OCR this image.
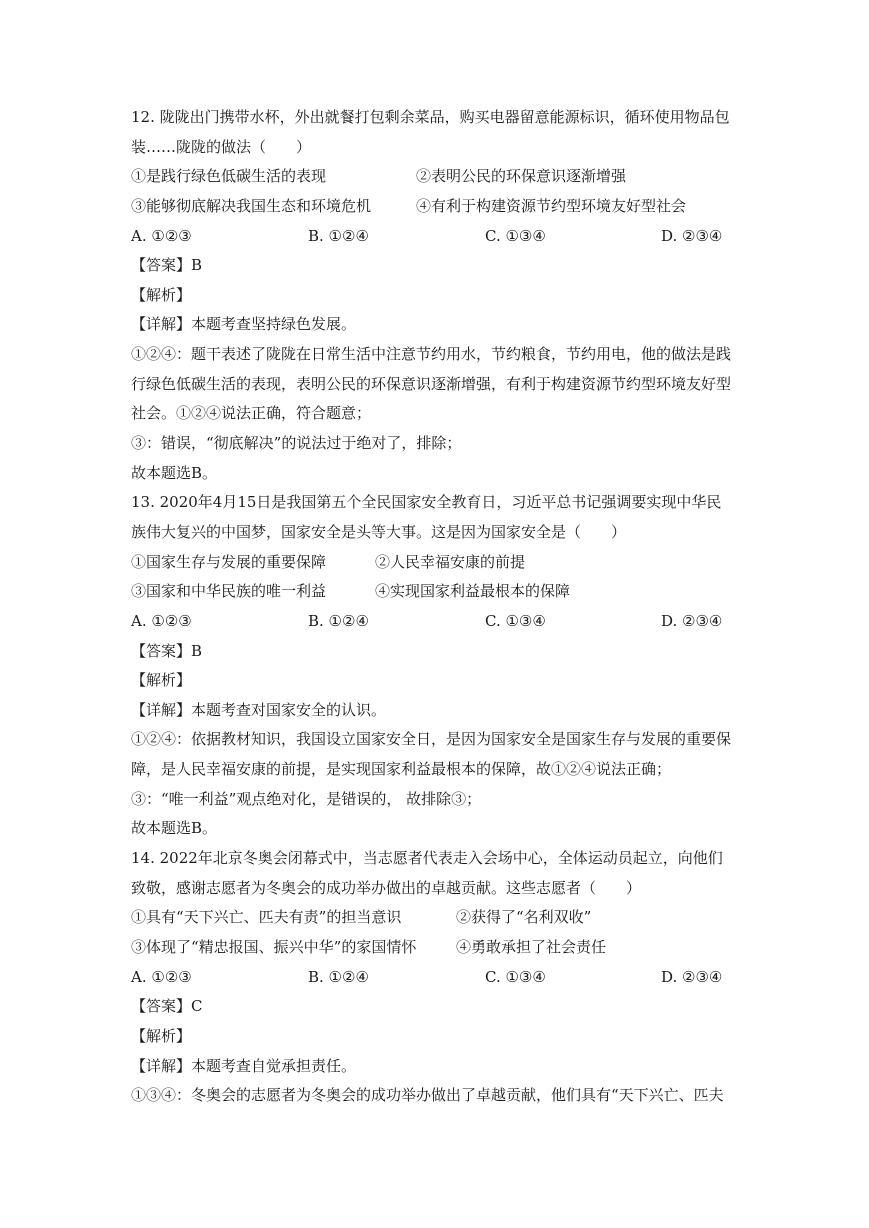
12. 陇陇出门携带水杯，外出就餐打包剩余菜品，购买电器留意能源标识，循环使用物品包
装……陇陇的做法（　　）
①是践行绿色低碳生活的表现	②表明公民的环保意识逐渐增强
③能够彻底解决我国生态和环境危机	④有利于构建资源节约型环境友好型社会
A. ①②③	B. ①②④	C. ①③④	D. ②③④
【答案】B
【解析】
【详解】本题考查坚持绿色发展。
①②④：题干表述了陇陇在日常生活中注意节约用水，节约粮食，节约用电，他的做法是践
行绿色低碳生活的表现，表明公民的环保意识逐渐增强，有利于构建资源节约型环境友好型
社会。①②④说法正确，符合题意；
③：错误，“彻底解决”的说法过于绝对了，排除；
故本题选B。
13. 2020年4月15日是我国第五个全民国家安全教育日，习近平总书记强调要实现中华民
族伟大复兴的中国梦，国家安全是头等大事。这是因为国家安全是（　　）
①国家生存与发展的重要保障	②人民幸福安康的前提
③国家和中华民族的唯一利益	④实现国家利益最根本的保障
A. ①②③	B. ①②④	C. ①③④	D. ②③④
【答案】B
【解析】
【详解】本题考查对国家安全的认识。
①②④：依据教材知识，我国设立国家安全日，是因为国家安全是国家生存与发展的重要保
障，是人民幸福安康的前提，是实现国家利益最根本的保障，故①②④说法正确；
③：“唯一利益”观点绝对化，是错误的， 故排除③；
故本题选B。
14. 2022年北京冬奥会闭幕式中，当志愿者代表走入会场中心，全体运动员起立，向他们
致敬，感谢志愿者为冬奥会的成功举办做出的卓越贡献。这些志愿者（　　）
①具有“天下兴亡、匹夫有责”的担当意识	②获得了“名利双收”
③体现了“精忠报国、振兴中华”的家国情怀	④勇敢承担了社会责任
A. ①②③	B. ①②④	C. ①③④	D. ②③④
【答案】C
【解析】
【详解】本题考查自觉承担责任。
①③④：冬奥会的志愿者为冬奥会的成功举办做出了卓越贡献，他们具有“天下兴亡、匹夫
